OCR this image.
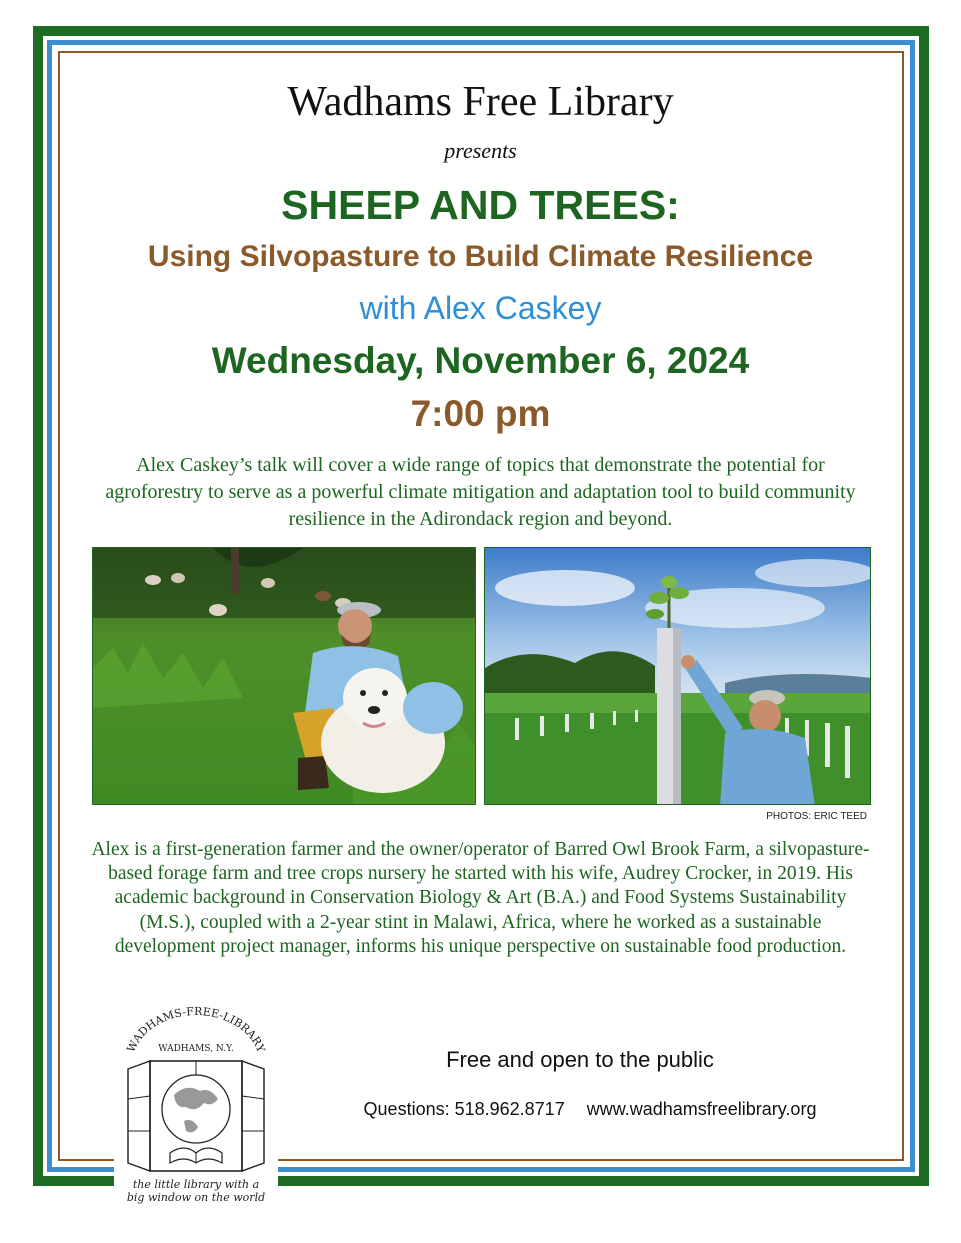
Wadhams Free Library
presents
SHEEP AND TREES:
Using Silvopasture to Build Climate Resilience
with Alex Caskey
Wednesday, November 6, 2024
7:00 pm
Alex Caskey’s talk will cover a wide range of topics that demonstrate the potential for agroforestry to serve as a powerful climate mitigation and adaptation tool to build community resilience in the Adirondack region and beyond.
PHOTOS: ERIC TEED
Alex is a first-generation farmer and the owner/operator of Barred Owl Brook Farm, a silvopasture-based forage farm and tree crops nursery he started with his wife, Audrey Crocker, in 2019. His academic background in Conservation Biology & Art (B.A.) and Food Systems Sustainability (M.S.), coupled with a 2-year stint in Malawi, Africa, where he worked as a sustainable development project manager, informs his unique perspective on sustainable food production.
WADHAMS-FREE-LIBRARY
WADHAMS, N.Y.
the little library with a
big window on the world
Free and open to the public
Questions: 518.962.8717 www.wadhamsfreelibrary.org
